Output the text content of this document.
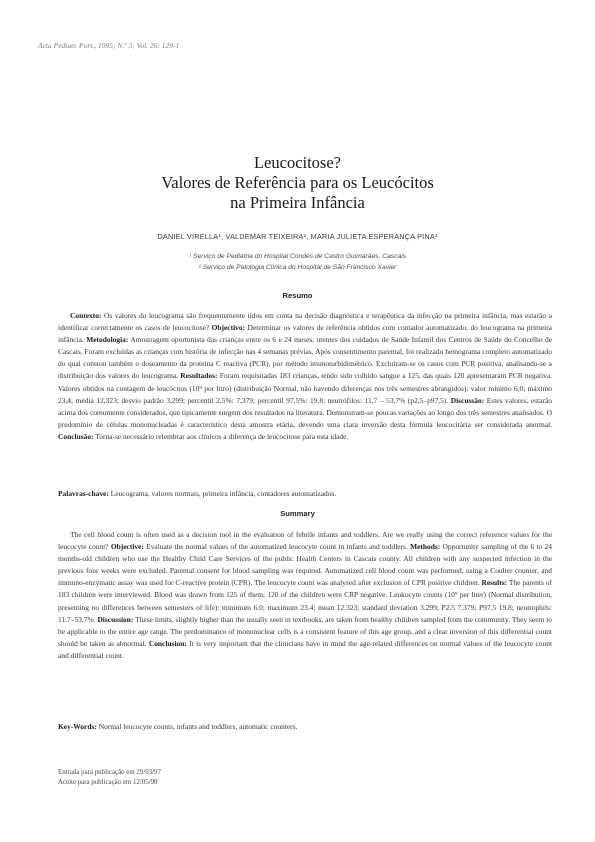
Acta Pediatr. Port., 1995; N.º 3; Vol. 26: 129-1
Leucocitose?
Valores de Referência para os Leucócitos
na Primeira Infância
DANIEL VIRELLA¹, VALDEMAR TEIXEIRA¹, MARIA JULIETA ESPERANÇA PINA¹
¹ Serviço de Pediatria do Hospital Condes de Castro Guimarães, Cascais
² Serviço de Patologia Clínica do Hospital de São Francisco Xavier
Resumo
Contexto: Os valores do leucograma são frequentemente tidos em conta na decisão diagnóstica e terapêutica da infecção na primeira infância, mas estarão a identificar correctamente os casos de leucocitose? Objectivo: Determinar os valores de referência obtidos com contador automatizado, do leucograma na primeira infância. Metodologia: Amostragem oportunista das crianças entre os 6 e 24 meses, utentes dos cuidados de Saúde Infantil dos Centros de Saúde do Concelho de Cascais. Foram excluídas as crianças com história de infecção nas 4 semanas prévias. Após consentimento parental, foi realizado hemograma completo automatizado do qual constou também o doseamento da proteína C reactiva (PCR), por método imunoturbidimétrico. Excluíram-se os casos com PCR positiva, analisando-se a distribuição dos valores do leucograma. Resultados: Foram requisitadas 183 crianças, tendo sido colhido sangue a 125, das quais 120 apresentaram PCR negativa. Valores obtidos na contagem de leucócitos (10⁹ por litro) (distribuição Normal, não havendo diferenças nos três semestres abrangidos): valor mínimo 6,0; máximo 23,4; média 12,323; desvio padrão 3,299; percentil 2,5%: 7,379; percentil 97,5%: 19,8; neutrófilos: 11,7 – 53,7% (p2,5–p97,5). Discussão: Estes valores, estarão acima dos comumente considerados, que tipicamente surgem dos resultados na literatura. Demonstram-se poucas variações ao longo dos três semestres analisados. O predomínio de células mononucleadas é característico desta amostra etária, devendo uma clara inversão desta fórmula leucocitária ser considerada anormal. Conclusão: Torna-se necessário relembrar aos clínicos a diferença de leucocitose para esta idade.
Palavras-chave: Leucograma, valores normais, primeira infância, contadores automatizados.
Summary
The cell blood count is often used as a decision tool in the evaluation of febrile infants and toddlers. Are we really using the correct reference values for the leucocyte count? Objective: Evaluate the normal values of the automatized leucocyte count in infants and toddlers. Methods: Opportunity sampling of the 6 to 24 months-old children who use the Healthy Child Care Services of the public Health Centers in Cascais county. All children with any suspected infection in the previous four weeks were excluded. Parental consent for blood sampling was required. Automatized cell blood count was performed, using a Coulter counter, and immuno-enzymatic assay was used for C-reactive protein (CPR). The leucocyte count was analysed after exclusion of CPR positive children. Results: The parents of 183 children were interviewed. Blood was drawn from 125 of them; 120 of the children were CRP negative. Leukocyte counts (10⁹ per liter) (Normal distribution, presenting no differences between semesters of life): minimum 6.0; maximum 23.4; mean 12.323; standard deviation 3.299; P2.5 7.379; P97.5 19.8; neutrophils: 11.7–53.7%. Discussion: These limits, slightly higher than the usually seen in textbooks, are taken from healthy children sampled from the community. They seem to be applicable to the entire age range. The predominance of mononuclear cells is a consistent feature of this age group, and a clear inversion of this differential count should be taken as abnormal. Conclusion: It is very important that the clinicians have in mind the age-related differences on normal values of the leucocyte count and differential count.
Key-Words: Normal leucocyte counts, infants and toddlers, automatic counters.
Entrada para publicação em 29/03/97
Aceite para publicação em 12/05/98
